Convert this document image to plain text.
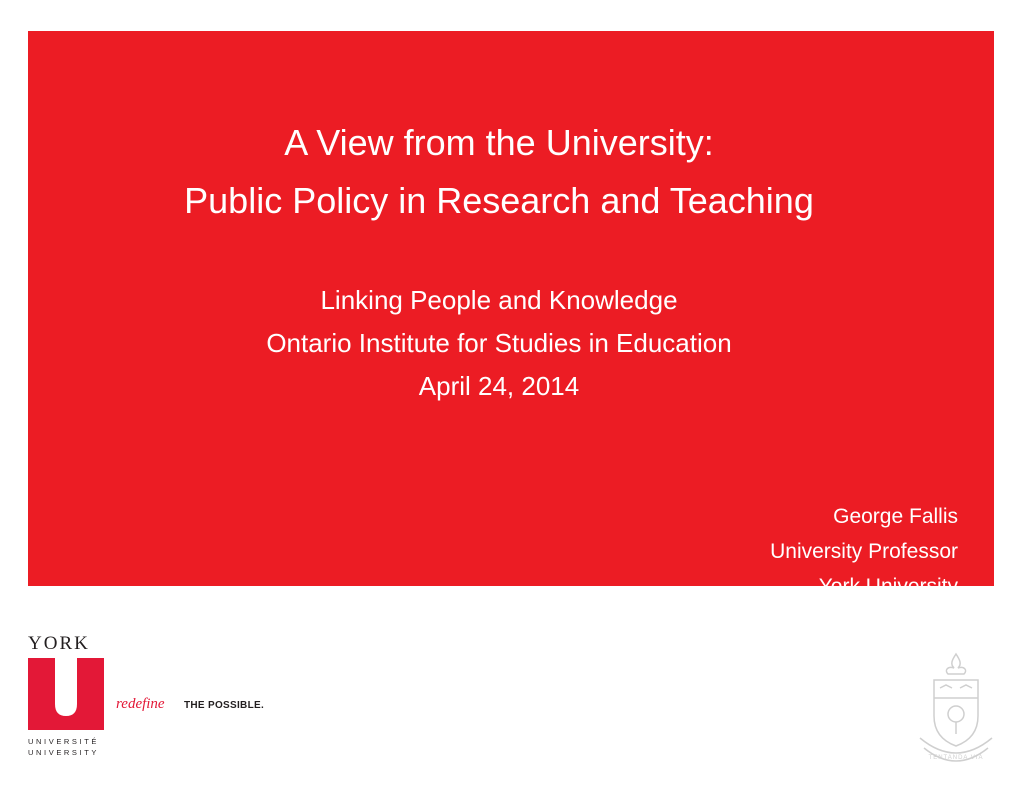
A View from the University:
Public Policy in Research and Teaching
Linking People and Knowledge
Ontario Institute for Studies in Education
April 24, 2014
George Fallis
University Professor
York University
YORK
UNIVERSITÉ
UNIVERSITY
redefine THE POSSIBLE.
TENTANDA VIA
